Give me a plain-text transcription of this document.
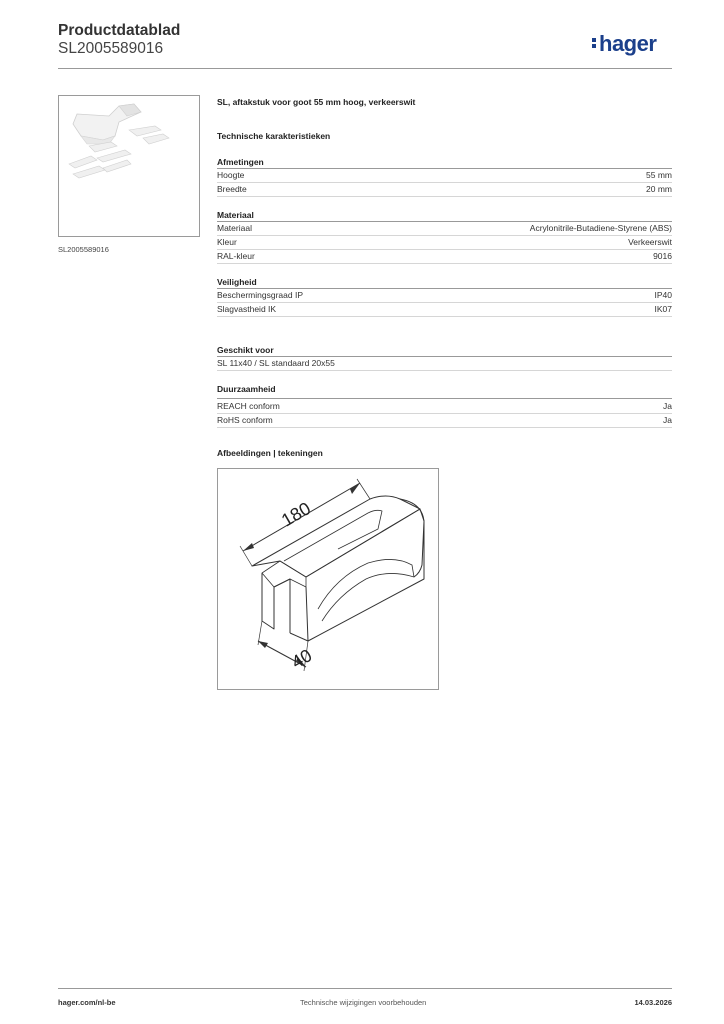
Productdatablad
SL2005589016	hager
SL2005589016
SL, aftakstuk voor goot 55 mm hoog, verkeerswit
Technische karakteristieken
Afmetingen
Hoogte	55 mm
Breedte	20 mm
Materiaal
Materiaal	Acrylonitrile-Butadiene-Styrene (ABS)
Kleur	Verkeerswit
RAL-kleur	9016
Veiligheid
Beschermingsgraad IP	IP40
Slagvastheid IK	IK07
Geschikt voor
SL 11x40 / SL standaard 20x55
Duurzaamheid
REACH conform	Ja
RoHS conform	Ja
Afbeeldingen | tekeningen
180
40
hager.com/nl-be	Technische wijzigingen voorbehouden	14.03.2026
